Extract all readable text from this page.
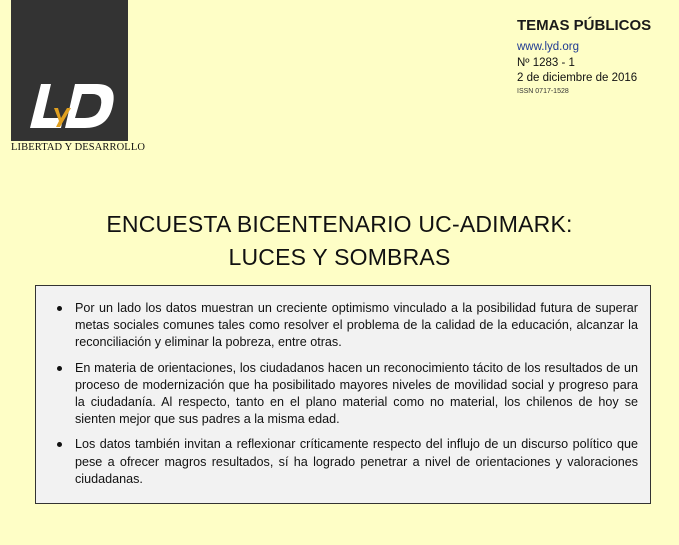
LIBERTAD Y DESARROLLO
TEMAS PÚBLICOS
www.lyd.org
Nº 1283 - 1
2 de diciembre de 2016
ISSN 0717-1528
ENCUESTA BICENTENARIO UC-ADIMARK:
LUCES Y SOMBRAS
Por un lado los datos muestran un creciente optimismo vinculado a la posibilidad futura de superar metas sociales comunes tales como resolver el problema de la calidad de la educación, alcanzar la reconciliación y eliminar la pobreza, entre otras.
En materia de orientaciones, los ciudadanos hacen un reconocimiento tácito de los resultados de un proceso de modernización que ha posibilitado mayores niveles de movilidad social y progreso para la ciudadanía. Al respecto, tanto en el plano material como no material, los chilenos de hoy se sienten mejor que sus padres a la misma edad.
Los datos también invitan a reflexionar críticamente respecto del influjo de un discurso político que pese a ofrecer magros resultados, sí ha logrado penetrar a nivel de orientaciones y valoraciones ciudadanas.
